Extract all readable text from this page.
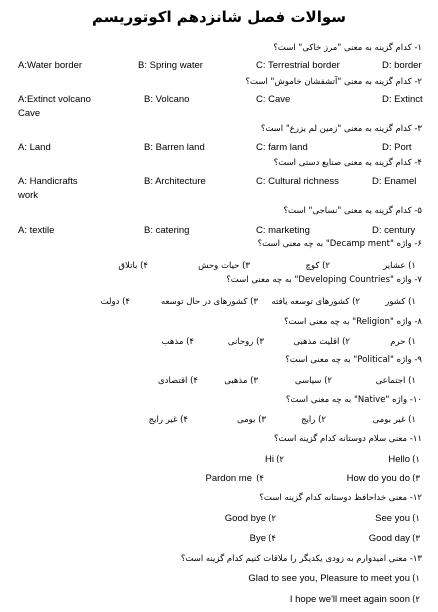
سوالات فصل شانزدهم اکوتوریسم
۱- کدام گزینه به معنی "مرز خاکی" است؟
A:Water border	B: Spring water	C: Terrestrial border	D: border
۲- کدام گزینه به معنی "آتشفشان خاموش" است؟
A:Extinct volcano
Cave
B: Volcano	C: Cave	D: Extinct
۳- کدام گزینه به معنی "زمین لم یزرع" است؟
A: Land	B: Barren land	C: farm land	D: Port
۴- کدام گزینه به معنی صنایع دستی است؟
A: Handicrafts
work
B: Architecture	C: Cultural richness	D: Enamel
۵- کدام گزینه به معنی "نساجی" است؟
A: textile	B: catering	C: marketing	D: century
۶- واژه "Decamp ment" به چه معنی است؟
۱) عشایر
۲) کوچ
۳) حیات وحش
۴) باتلاق
۷- واژه "Developing Countries" به چه معنی است؟
۱) کشور
۲) کشورهای توسعه یافته
۳) کشورهای در حال توسعه
۴) دولت
۸- واژه "Religion" به چه معنی است؟
۱) حرم
۲) اقلیت مذهبی
۳) روحانی
۴) مذهب
۹- واژه "Political" به چه معنی است؟
۱) اجتماعی
۲) سیاسی
۳) مذهبی
۴) اقتصادی
۱۰- واژه "Native" به چه معنی است؟
۱) غیر بومی
۲) رایج
۳) بومی
۴) غیر رایج
۱۱- معنی سلام دوستانه کدام گزینه است؟
۱)
Hello
۲)
Hi
۳)
How do you do
۴)
Pardon me
۱۲- معنی خداحافظ دوستانه کدام گزینه است؟
۱)
See you
۲)
Good bye
۳)
Good day
۴)
Bye
۱۳- معنی امیدوارم به زودی یکدیگر را ملاقات کنیم کدام گزینه است؟
۱)
Glad to see you, Pleasure to meet you
۲)
I hope we'll meet again soon
